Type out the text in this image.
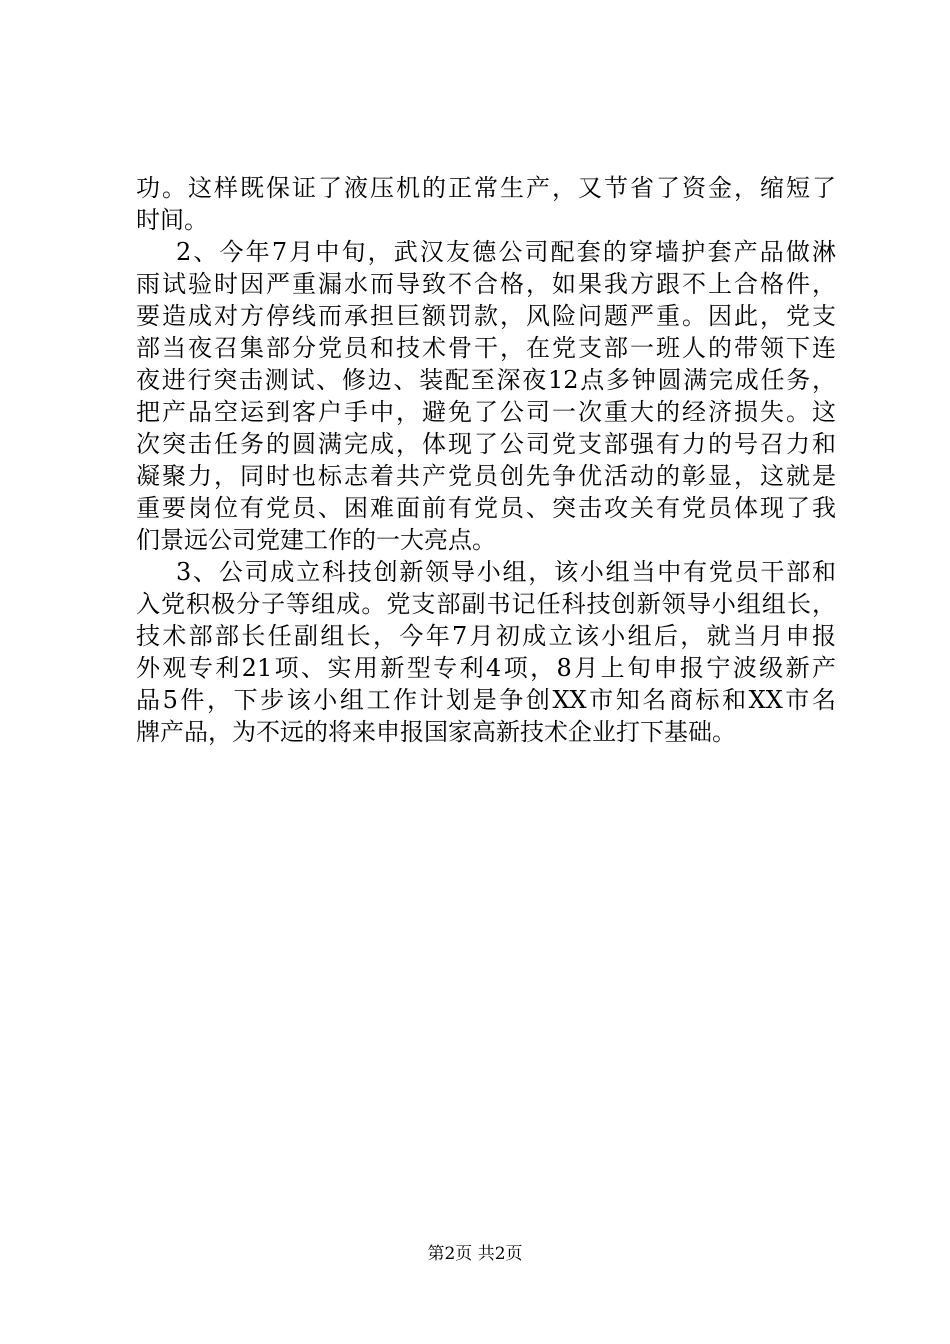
功。这样既保证了液压机的正常生产，又节省了资金，缩短了
时间。
2、今年7月中旬，武汉友德公司配套的穿墙护套产品做淋
雨试验时因严重漏水而导致不合格，如果我方跟不上合格件，
要造成对方停线而承担巨额罚款，风险问题严重。因此，党支
部当夜召集部分党员和技术骨干，在党支部一班人的带领下连
夜进行突击测试、修边、装配至深夜12点多钟圆满完成任务，
把产品空运到客户手中，避免了公司一次重大的经济损失。这
次突击任务的圆满完成，体现了公司党支部强有力的号召力和
凝聚力，同时也标志着共产党员创先争优活动的彰显，这就是
重要岗位有党员、困难面前有党员、突击攻关有党员体现了我
们景远公司党建工作的一大亮点。
3、公司成立科技创新领导小组，该小组当中有党员干部和
入党积极分子等组成。党支部副书记任科技创新领导小组组长，
技术部部长任副组长，今年7月初成立该小组后，就当月申报
外观专利21项、实用新型专利4项，8月上旬申报宁波级新产
品5件，下步该小组工作计划是争创XX市知名商标和XX市名
牌产品，为不远的将来申报国家高新技术企业打下基础。
第2页 共2页
